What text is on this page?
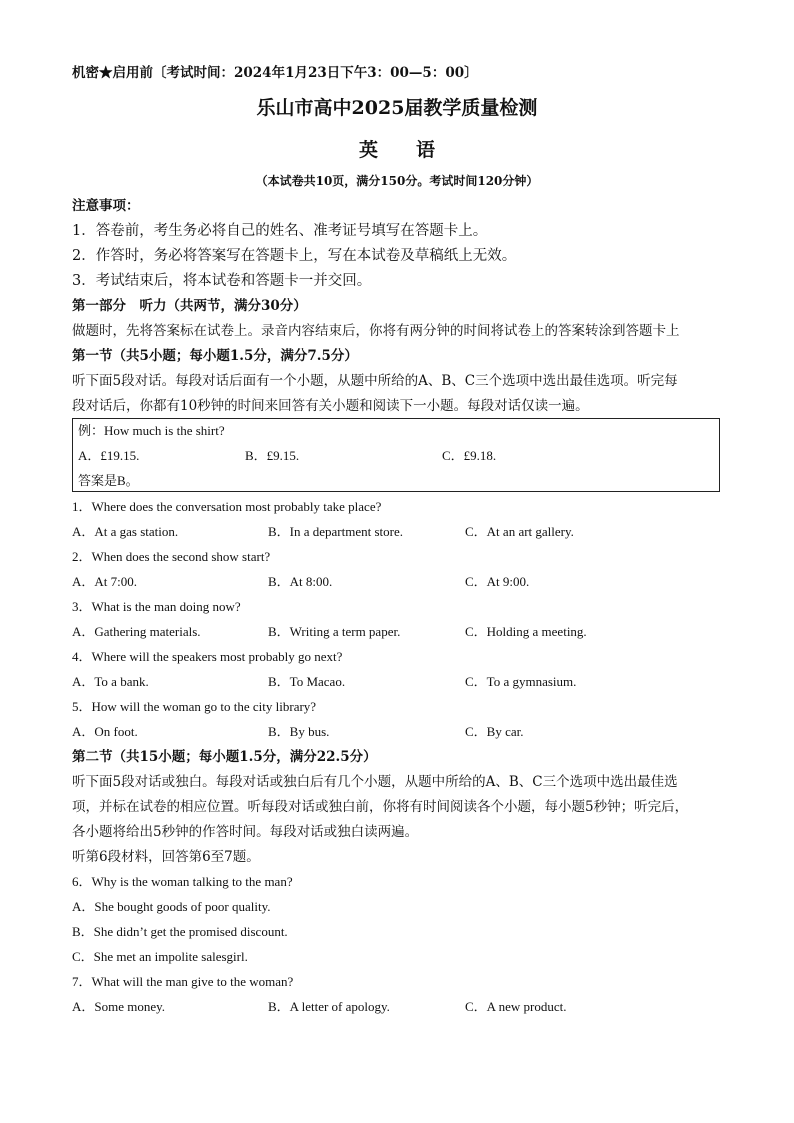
机密★启用前〔考试时间：2024年1月23日下午3：00—5：00〕
乐山市高中2025届教学质量检测
英　　语
（本试卷共10页，满分150分。考试时间120分钟）
注意事项：
1．答卷前，考生务必将自己的姓名、准考证号填写在答题卡上。
2．作答时，务必将答案写在答题卡上，写在本试卷及草稿纸上无效。
3．考试结束后，将本试卷和答题卡一并交回。
第一部分　听力（共两节，满分30分）
做题时，先将答案标在试卷上。录音内容结束后，你将有两分钟的时间将试卷上的答案转涂到答题卡上
第一节（共5小题；每小题1.5分，满分7.5分）
听下面5段对话。每段对话后面有一个小题，从题中所给的A、B、C三个选项中选出最佳选项。听完每
段对话后，你都有10秒钟的时间来回答有关小题和阅读下一小题。每段对话仅读一遍。
例：How much is the shirt?
A．£19.15.	B．£9.15.	C．£9.18.
答案是B。
1．Where does the conversation most probably take place?
A．At a gas station.	B．In a department store.	C．At an art gallery.
2．When does the second show start?
A．At 7:00.	B．At 8:00.	C．At 9:00.
3．What is the man doing now?
A．Gathering materials.	B．Writing a term paper.	C．Holding a meeting.
4．Where will the speakers most probably go next?
A．To a bank.	B．To Macao.	C．To a gymnasium.
5．How will the woman go to the city library?
A．On foot.	B．By bus.	C．By car.
第二节（共15小题；每小题1.5分，满分22.5分）
听下面5段对话或独白。每段对话或独白后有几个小题，从题中所给的A、B、C三个选项中选出最佳选
项，并标在试卷的相应位置。听每段对话或独白前，你将有时间阅读各个小题，每小题5秒钟；听完后，
各小题将给出5秒钟的作答时间。每段对话或独白读两遍。
听第6段材料，回答第6至7题。
6．Why is the woman talking to the man?
A．She bought goods of poor quality.
B．She didn’t get the promised discount.
C．She met an impolite salesgirl.
7．What will the man give to the woman?
A．Some money.	B．A letter of apology.	C．A new product.
